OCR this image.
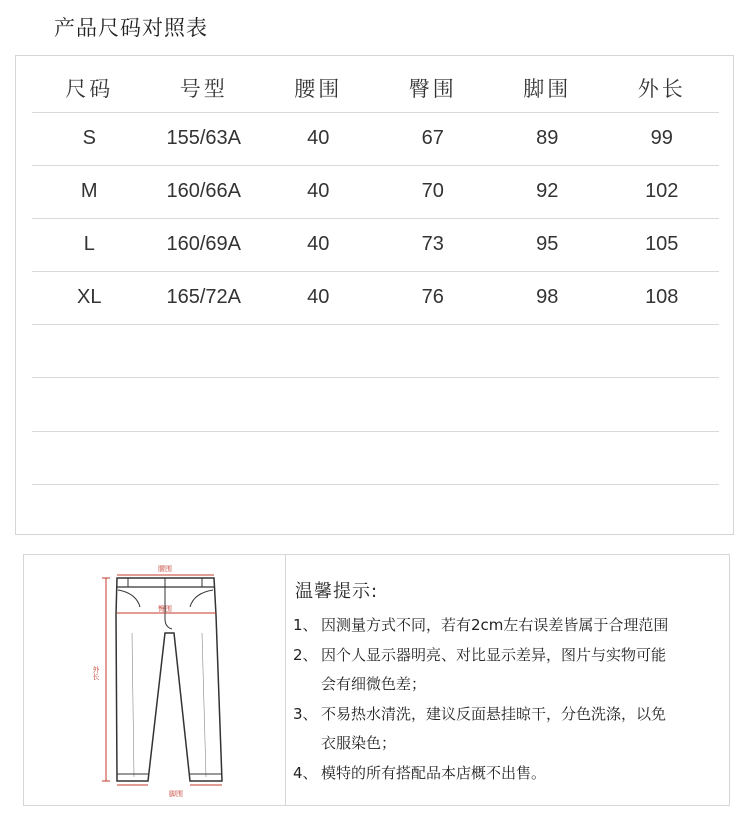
产品尺码对照表
尺码	号型	腰围	臀围	脚围	外长
S	155/63A	40	67	89	99
M	160/66A	40	70	92	102
L	160/69A	40	73	95	105
XL	165/72A	40	76	98	108

腰围
臀围
外长
脚围
温馨提示:
1、 因测量方式不同，若有2cm左右误差皆属于合理范围
2、 因个人显示器明亮、对比显示差异，图片与实物可能
会有细微色差；
3、 不易热水清洗，建议反面悬挂晾干，分色洗涤，以免
衣服染色；
4、 模特的所有搭配品本店概不出售。
